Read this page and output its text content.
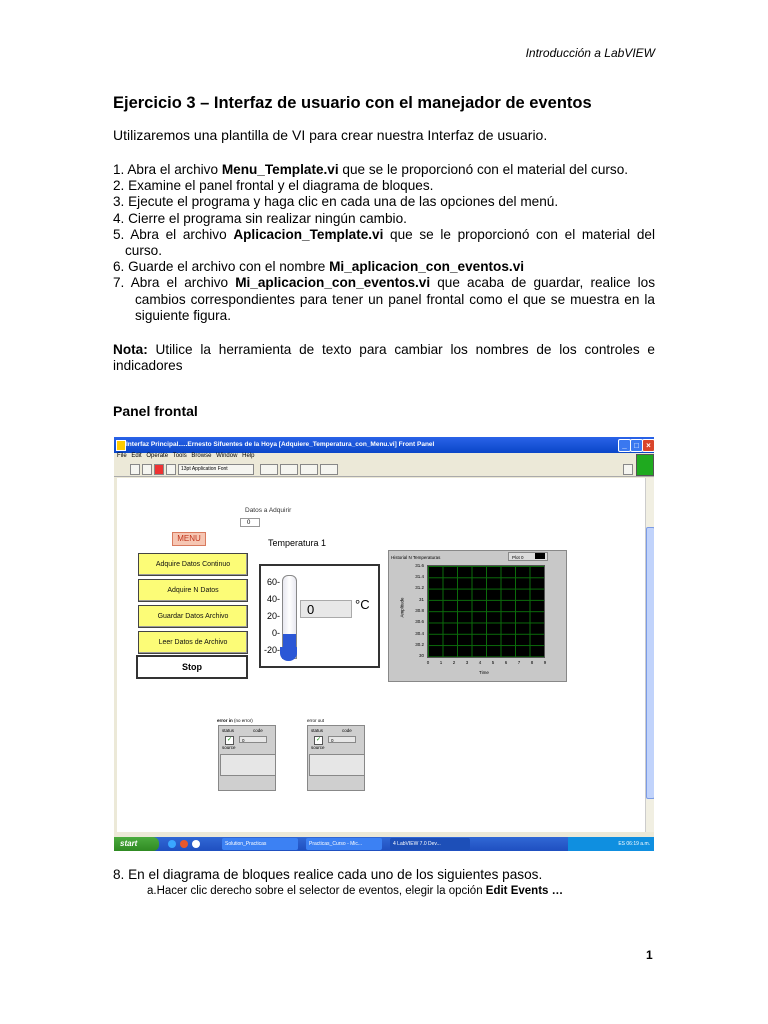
Introducción a LabVIEW
Ejercicio 3 – Interfaz de usuario con el manejador de eventos
Utilizaremos una plantilla de VI para crear nuestra Interfaz de usuario.
1. Abra el archivo Menu_Template.vi que se le proporcionó con el material del curso.
2. Examine el panel frontal y el diagrama de bloques.
3. Ejecute el programa y haga clic en cada una de las opciones del menú.
4. Cierre el programa sin realizar ningún cambio.
5. Abra el archivo Aplicacion_Template.vi que se le proporcionó con el material del curso.
6. Guarde el archivo con el nombre Mi_aplicacion_con_eventos.vi
7. Abra el archivo Mi_aplicacion_con_eventos.vi que acaba de guardar, realice los cambios correspondientes para tener un panel frontal como el que se muestra en la siguiente figura.
Nota: Utilice la herramienta de texto para cambiar los nombres de los controles e indicadores
Panel frontal
Interfaz Principal.....Ernesto Sifuentes de la Hoya [Adquiere_Temperatura_con_Menu.vi] Front Panel	_ □ ×
File Edit Operate Tools Browse Window Help
13pt Application Font
Datos a Adquirir
0
MENU
Adquire Datos Continuo
Adquire N Datos
Guardar Datos Archivo
Leer Datos de Archivo
Stop
Temperatura 1
60-
40-
20-
0-
-20-
0	°C
Historial N Temperaturas	Plot 0
31.6
31.4
31.2
31
30.8
30.6
30.4
30.2
30
0	1	2	3	4	5	6	7	8	9
Amplitude
Time
error in (no error)
status	code
✓	0
source
error out
status	code
✓	0
source
start	Solution_Practicas	Practicas_Curso - Mic...	4 LabVIEW 7.0 Dev...	ES 06:19 a.m.
8. En el diagrama de bloques realice cada uno de los siguientes pasos.
a.Hacer clic derecho sobre el selector de eventos, elegir la opción Edit Events …
1
